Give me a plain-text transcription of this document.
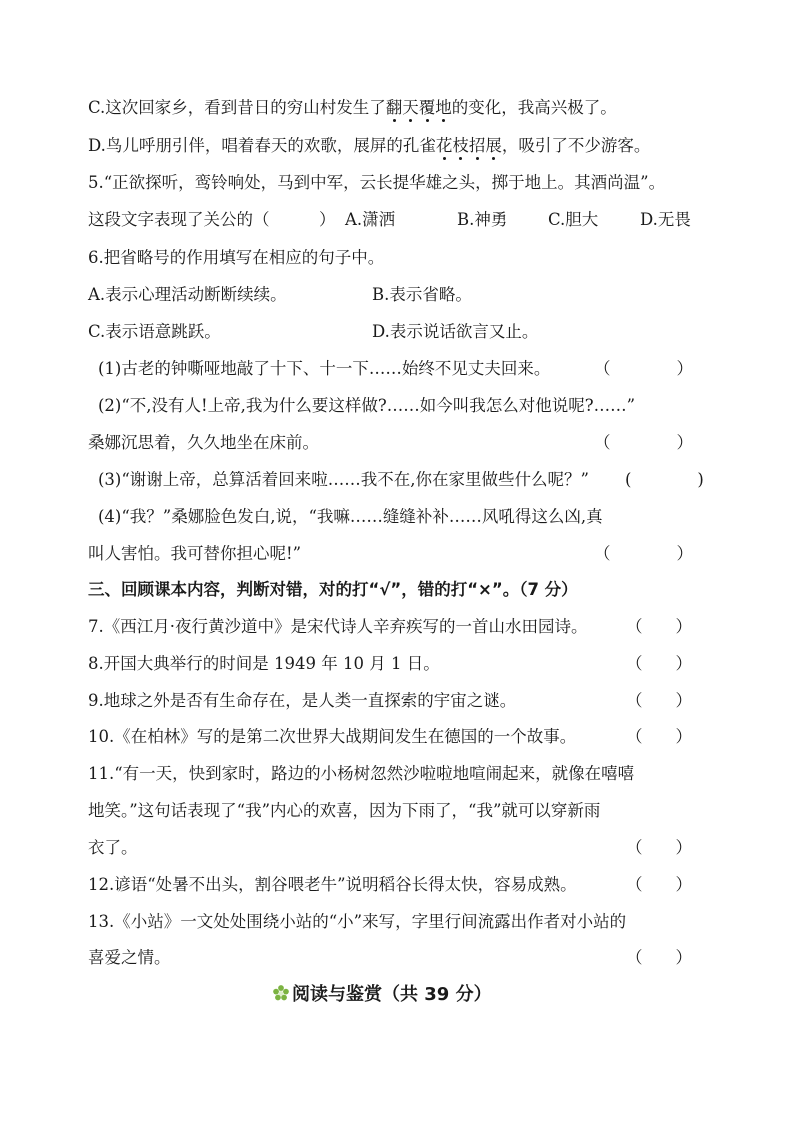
C.这次回家乡，看到昔日的穷山村发生了翻天覆地的变化，我高兴极了。
D.鸟儿呼朋引伴，唱着春天的欢歌，展屏的孔雀花枝招展，吸引了不少游客。
5.“正欲探听，鸾铃响处，马到中军，云长提华雄之头，掷于地上。其酒尚温”。
这段文字表现了关公的（　　　） A.潇洒	B.神勇 C.胆大	D.无畏
6.把省略号的作用填写在相应的句子中。
A.表示心理活动断断续续。	B.表示省略。
C.表示语意跳跃。	D.表示说话欲言又止。
(1)古老的钟嘶哑地敲了十下、十一下……始终不见丈夫回来。	（　　　　）
(2)“不,没有人!上帝,我为什么要这样做?……如今叫我怎么对他说呢?……”
桑娜沉思着，久久地坐在床前。	（　　　　）
(3)“谢谢上帝，总算活着回来啦……我不在,你在家里做些什么呢？” (　　　　)
(4)“我？”桑娜脸色发白,说，“我嘛……缝缝补补……风吼得这么凶,真
叫人害怕。我可替你担心呢!”	（　　　　）
三、回顾课本内容，判断对错，对的打“√”，错的打“×”。（7 分）
7.《西江月·夜行黄沙道中》是宋代诗人辛弃疾写的一首山水田园诗。 （　　）
8.开国大典举行的时间是 1949 年 10 月 1 日。	（　　）
9.地球之外是否有生命存在，是人类一直探索的宇宙之谜。	（　　）
10.《在柏林》写的是第二次世界大战期间发生在德国的一个故事。	（　　）
11.“有一天，快到家时，路边的小杨树忽然沙啦啦地喧闹起来，就像在嘻嘻
地笑。”这句话表现了“我”内心的欢喜，因为下雨了，“我”就可以穿新雨
衣了。	（　　）
12.谚语“处暑不出头，割谷喂老牛”说明稻谷长得太快，容易成熟。	（　　）
13.《小站》一文处处围绕小站的“小”来写，字里行间流露出作者对小站的
喜爱之情。	（　　）
阅读与鉴赏（共 39 分）
